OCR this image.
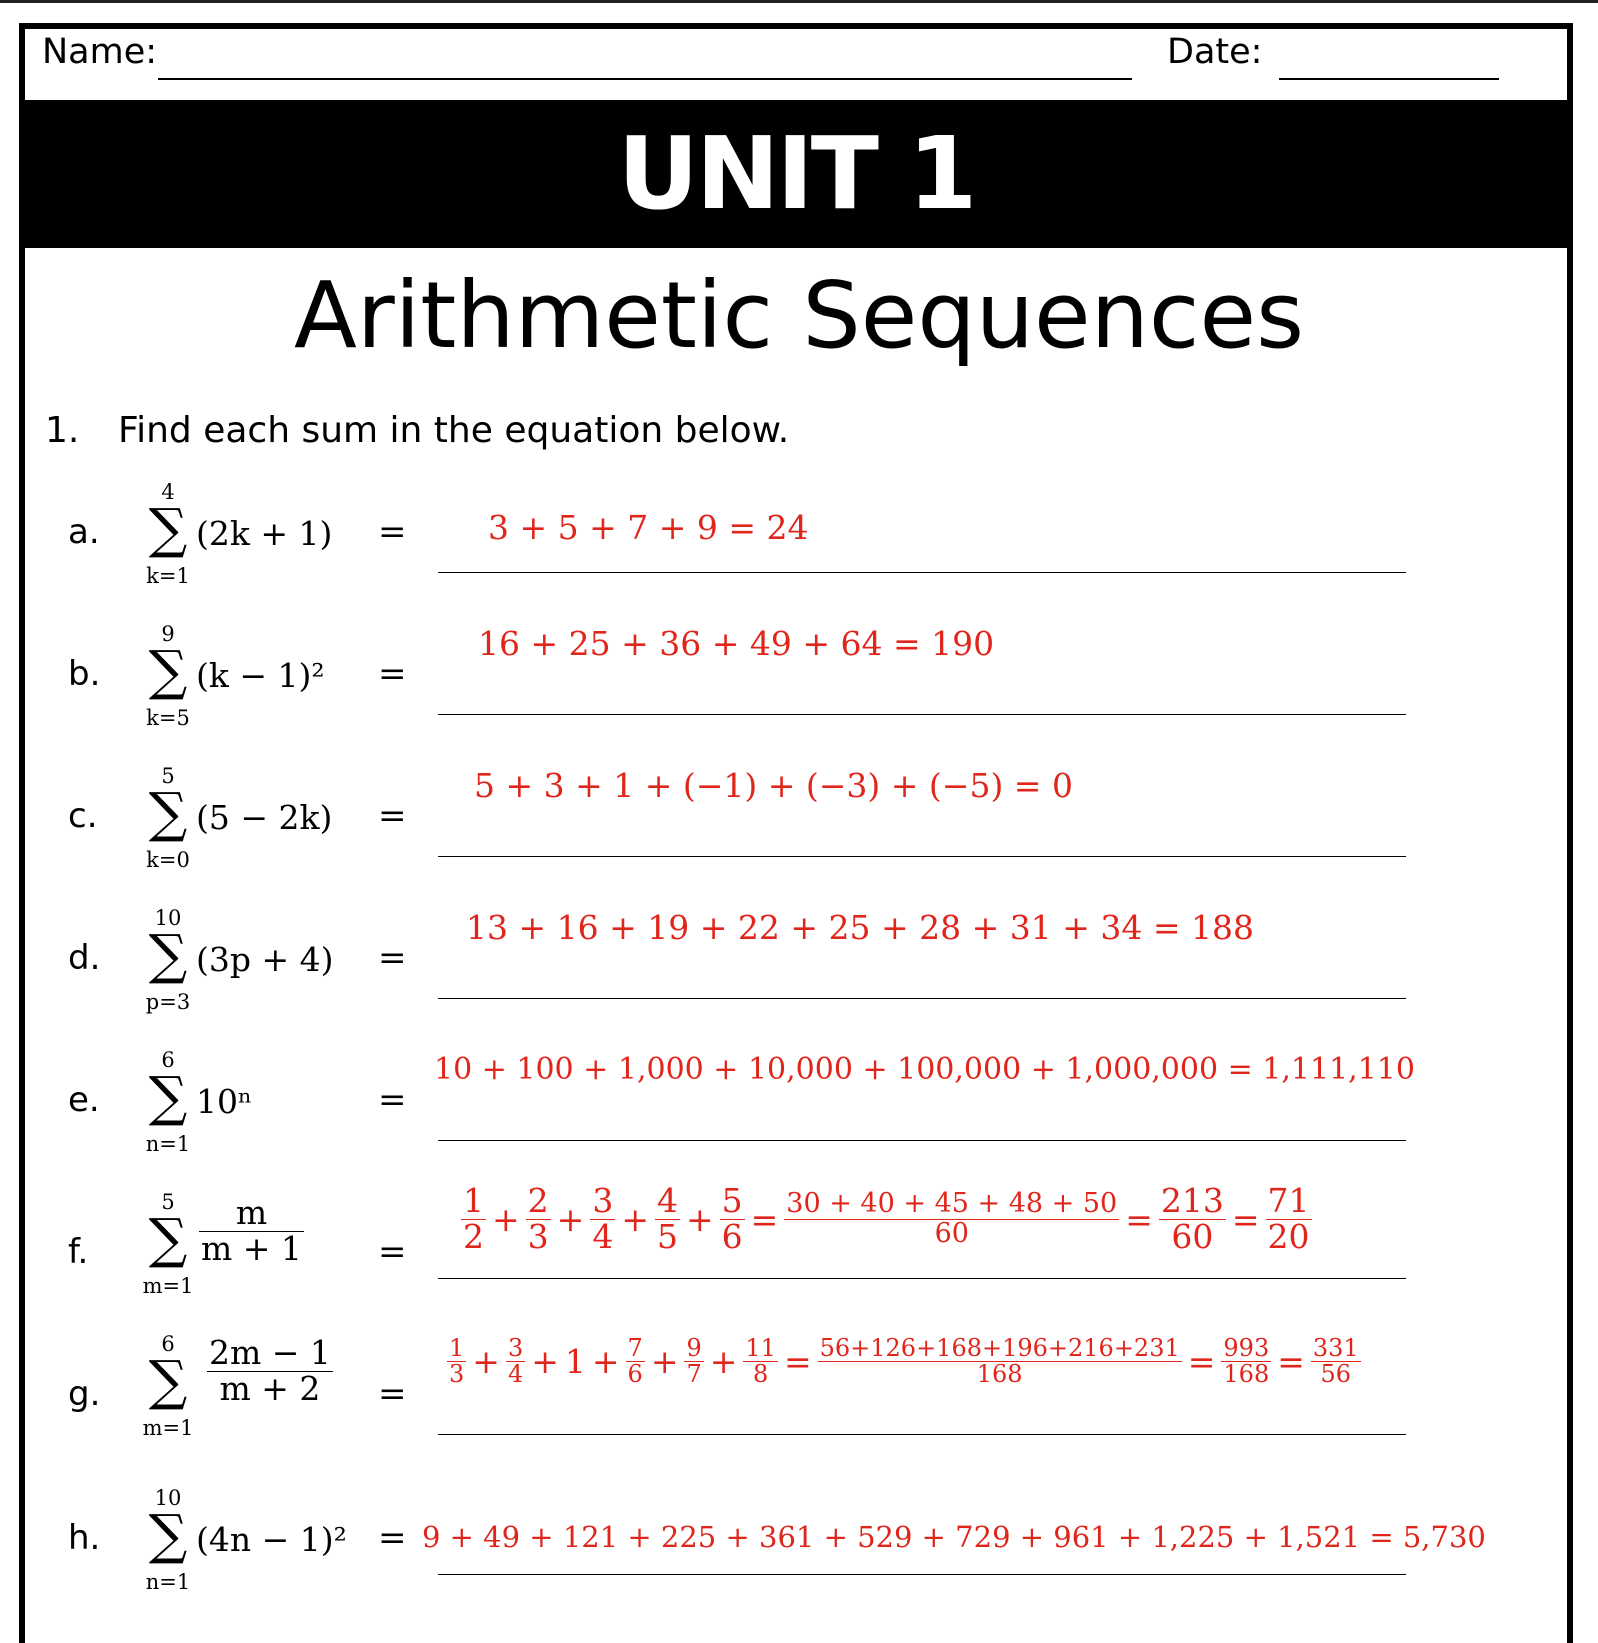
Name:	Date:
UNIT 1
Arithmetic Sequences
1. Find each sum in the equation below.
a.
4
∑
k=1
(2k + 1) = 3 + 5 + 7 + 9 = 24
b.
9
∑
k=5
(k − 1)² =
16 + 25 + 36 + 49 + 64 = 190
c.
5
∑
k=0
(5 − 2k) =
5 + 3 + 1 + (−1) + (−3) + (−5) = 0
d.
10
∑
p=3
(3p + 4) =
13 + 16 + 19 + 22 + 25 + 28 + 31 + 34 = 188
e.
6
∑
n=1
10ⁿ	=
10 + 100 + 1,000 + 10,000 + 100,000 + 1,000,000 = 1,111,110
f.
5
∑
m=1
$\frac{m}{m + 1} = \frac{1}{2} + \frac{2}{3} + \frac{3}{4} + \frac{4}{5} + \frac{5}{6} = \frac{30 + 40 + 45 + 48 + 50}{60} = \frac{213}{60} = \frac{71}{20}$
g.
6
∑
m=1
$\frac{2m - 1}{m + 2}$ =
$\frac{1}{3} + \frac{3}{4} + 1 + \frac{7}{6} + \frac{9}{7} + \frac{11}{8} = \frac{56+126+168+196+216+231}{168} = \frac{993}{168} = \frac{331}{56}$
h.
10
∑
n=1
(4n − 1)² = 9 + 49 + 121 + 225 + 361 + 529 + 729 + 961 + 1,225 + 1,521 = 5,730
